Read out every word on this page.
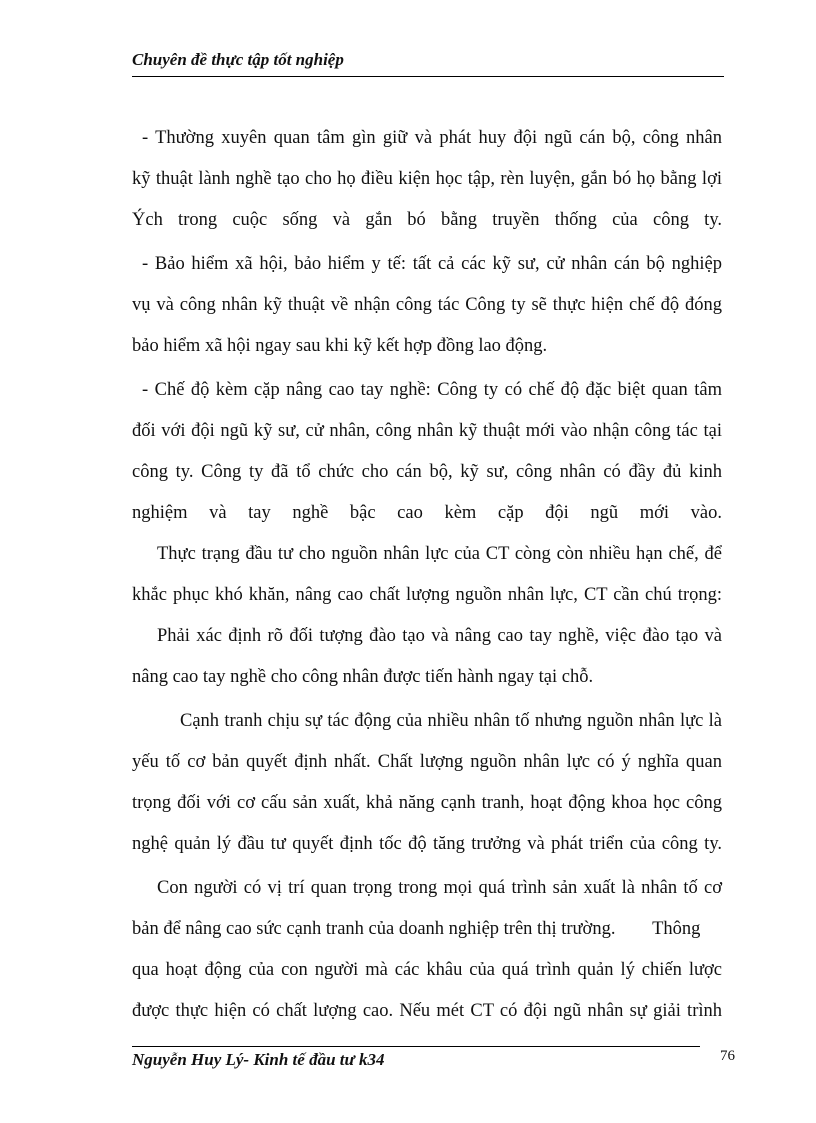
Chuyên đề thực tập tốt nghiệp
- Thường xuyên quan tâm gìn giữ và phát huy đội ngũ cán bộ, công nhân
kỹ thuật lành nghề tạo cho họ điều kiện học tập, rèn luyện, gắn bó họ bằng lợi
Ých trong cuộc sống và gắn bó bằng truyền thống của công ty.
- Bảo hiểm xã hội, bảo hiểm y tế: tất cả các kỹ sư, cử nhân cán bộ nghiệp
vụ và công nhân kỹ thuật về nhận công tác Công ty sẽ thực hiện chế độ đóng
bảo hiểm xã hội ngay sau khi kỹ kết hợp đồng lao động.
- Chế độ kèm cặp nâng cao tay nghề: Công ty có chế độ đặc biệt quan tâm
đối với đội ngũ kỹ sư, cử nhân, công nhân kỹ thuật mới vào nhận công tác tại
công ty. Công ty đã tổ chức cho cán bộ, kỹ sư, công nhân có đầy đủ kinh
nghiệm và tay nghề bậc cao kèm cặp đội ngũ mới vào.
Thực trạng đầu tư cho nguồn nhân lực của CT còng còn nhiều hạn chế, để
khắc phục khó khăn, nâng cao chất lượng nguồn nhân lực, CT cần chú trọng:
Phải xác định rõ đối tượng đào tạo và nâng cao tay nghề, việc đào tạo và
nâng cao tay nghề cho công nhân được tiến hành ngay tại chỗ.
Cạnh tranh chịu sự tác động của nhiều nhân tố nhưng nguồn nhân lực là
yếu tố cơ bản quyết định nhất. Chất lượng nguồn nhân lực có ý nghĩa quan
trọng đối với cơ cấu sản xuất, khả năng cạnh tranh, hoạt động khoa học công
nghệ quản lý đầu tư quyết định tốc độ tăng trưởng và phát triển của công ty.
Con người có vị trí quan trọng trong mọi quá trình sản xuất là nhân tố cơ
bản để nâng cao sức cạnh tranh của doanh nghiệp trên thị trường.        Thông
qua hoạt động của con người mà các khâu của quá trình quản lý chiến lược
được thực hiện có chất lượng cao. Nếu mét CT có đội ngũ nhân sự giải trình
Nguyễn Huy Lý- Kinh tế đầu tư k34	76
